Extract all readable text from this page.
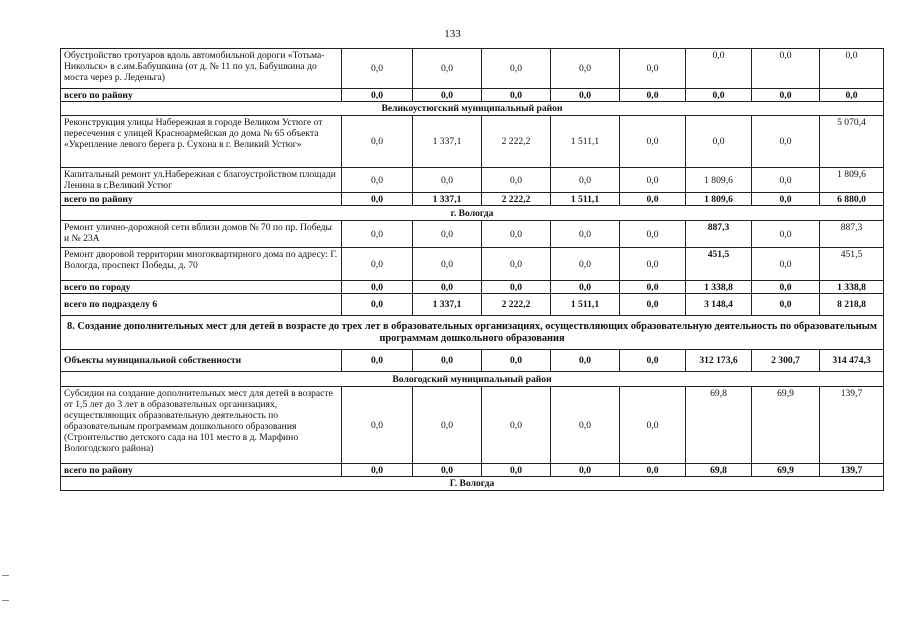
133
Обустройство тротуаров вдоль автомобильной дороги «Тотьма-Никольск» в с.им.Бабушкина (от д. № 11 по ул. Бабушкина до моста через р. Леденьга)	0,0	0,0	0,0	0,0	0,0	0,0	0,0	0,0
всего по району	0,0	0,0	0,0	0,0	0,0	0,0	0,0	0,0
Великоустюгский муниципальный район								
Реконструкция улицы Набережная в городе Великом Устюге от пересечения с улицей Красноармейская до дома № 65 объекта «Укрепление левого берега р. Сухона в г. Великий Устюг»	0,0	1 337,1	2 222,2	1 511,1	0,0	0,0	0,0	5 070,4
Капитальный ремонт ул.Набережная с благоустройством площади Ленина в г.Великий Устюг	0,0	0,0	0,0	0,0	0,0	1 809,6	0,0	1 809,6
всего по району	0,0	1 337,1	2 222,2	1 511,1	0,0	1 809,6	0,0	6 880,0
г. Вологда								
Ремонт улично-дорожной сети вблизи домов № 70 по пр. Победы и № 23А	0,0	0,0	0,0	0,0	0,0	887,3	0,0	887,3
Ремонт дворовой территории многоквартирного дома по адресу: Г. Вологда, проспект Победы, д. 70	0,0	0,0	0,0	0,0	0,0	451,5	0,0	451,5
всего по городу	0,0	0,0	0,0	0,0	0,0	1 338,8	0,0	1 338,8
всего по подразделу 6	0,0	1 337,1	2 222,2	1 511,1	0,0	3 148,4	0,0	8 218,8
8. Создание дополнительных мест для детей в возрасте до трех лет в образовательных организациях, осуществляющих образовательную деятельность по образовательным программам дошкольного образования								
Объекты муниципальной собственности	0,0	0,0	0,0	0,0	0,0	312 173,6	2 300,7	314 474,3
Вологодский муниципальный район								
Субсидии на создание дополнительных мест для детей в возрасте от 1,5 лет до 3 лет в образовательных организациях, осуществляющих образовательную деятельность по образовательным программам дошкольного образования (Строительство детского сада на 101 место в д. Марфино Вологодского района)	0,0	0,0	0,0	0,0	0,0	69,8	69,9	139,7
всего по району	0,0	0,0	0,0	0,0	0,0	69,8	69,9	139,7
Г. Вологда								
